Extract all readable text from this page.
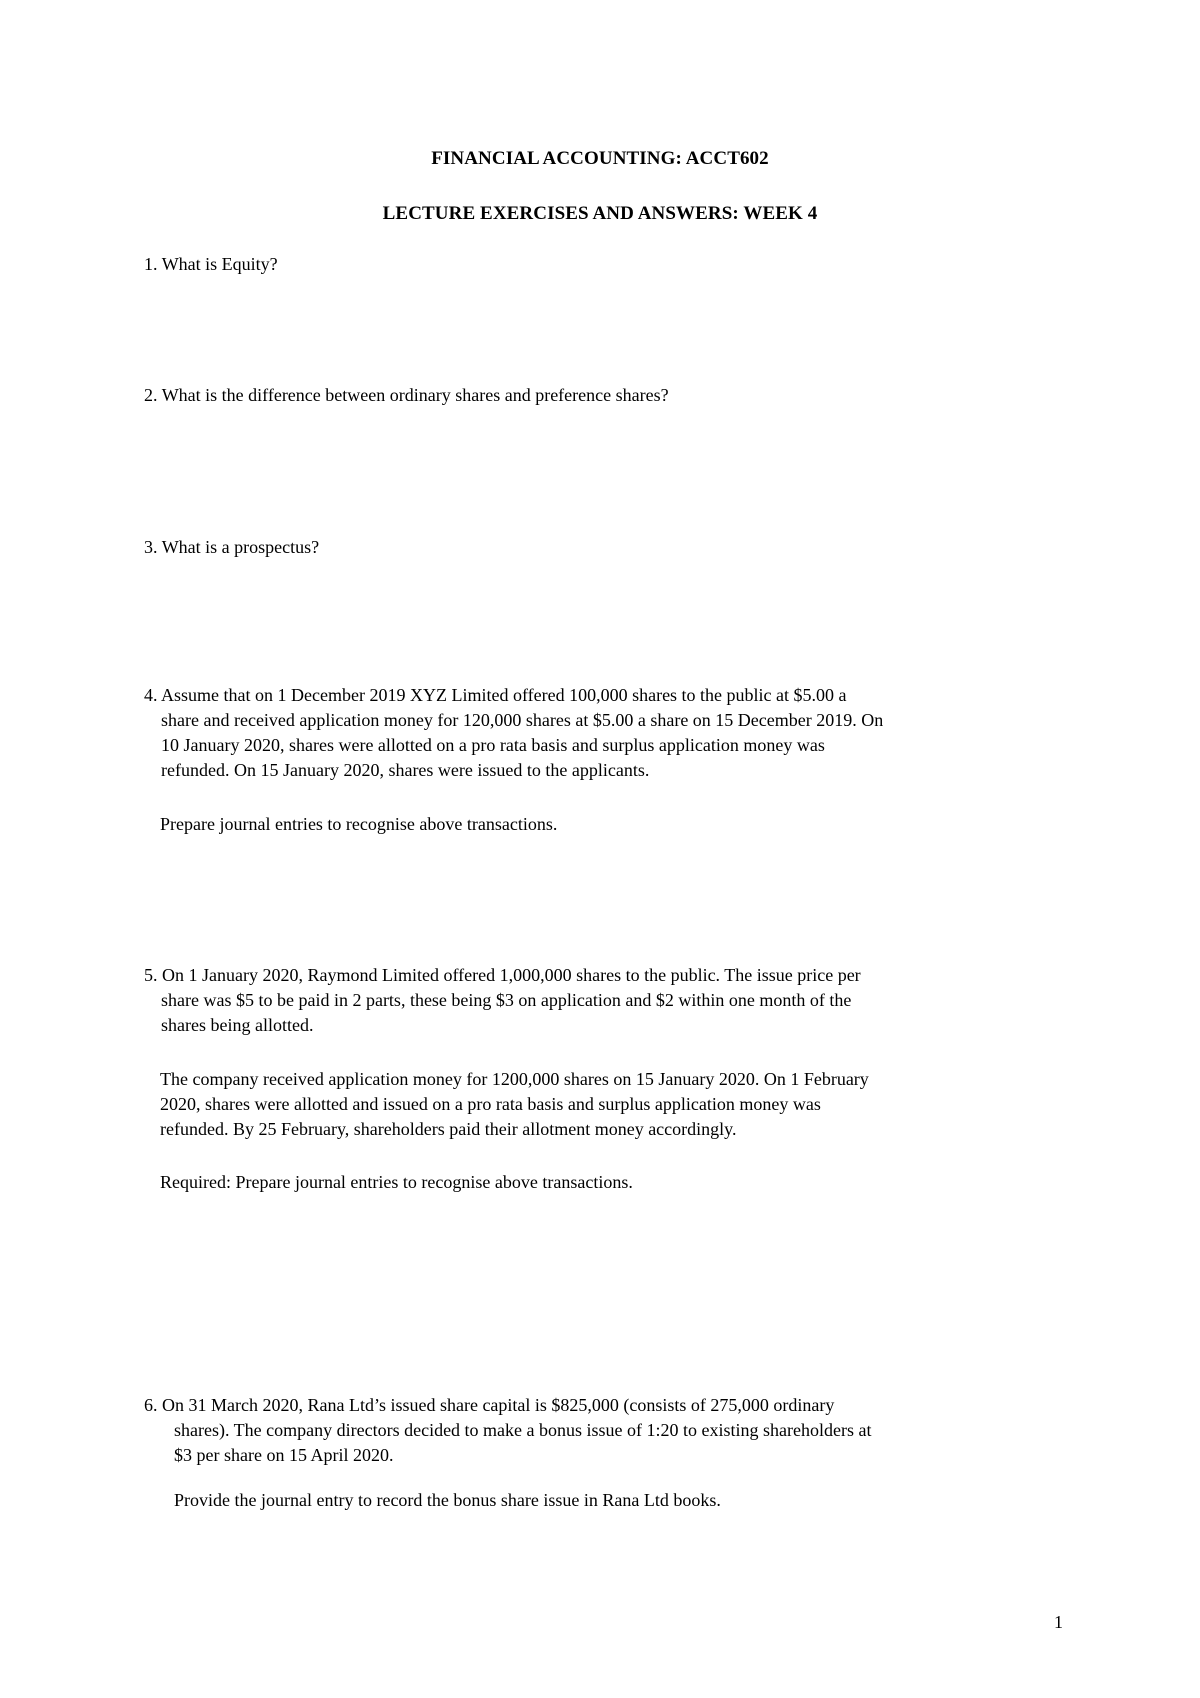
FINANCIAL ACCOUNTING: ACCT602
LECTURE EXERCISES AND ANSWERS: WEEK 4
1. What is Equity?
2. What is the difference between ordinary shares and preference shares?
3. What is a prospectus?
4. Assume that on 1 December 2019 XYZ Limited offered 100,000 shares to the public at $5.00 a
share and received application money for 120,000 shares at $5.00 a share on 15 December 2019. On
10 January 2020, shares were allotted on a pro rata basis and surplus application money was
refunded. On 15 January 2020, shares were issued to the applicants.
Prepare journal entries to recognise above transactions.
5. On 1 January 2020, Raymond Limited offered 1,000,000 shares to the public. The issue price per
share was $5 to be paid in 2 parts, these being $3 on application and $2 within one month of the
shares being allotted.
The company received application money for 1200,000 shares on 15 January 2020. On 1 February
2020, shares were allotted and issued on a pro rata basis and surplus application money was
refunded. By 25 February, shareholders paid their allotment money accordingly.
Required: Prepare journal entries to recognise above transactions.
6. On 31 March 2020, Rana Ltd’s issued share capital is $825,000 (consists of 275,000 ordinary
shares). The company directors decided to make a bonus issue of 1:20 to existing shareholders at
$3 per share on 15 April 2020.
Provide the journal entry to record the bonus share issue in Rana Ltd books.
1
